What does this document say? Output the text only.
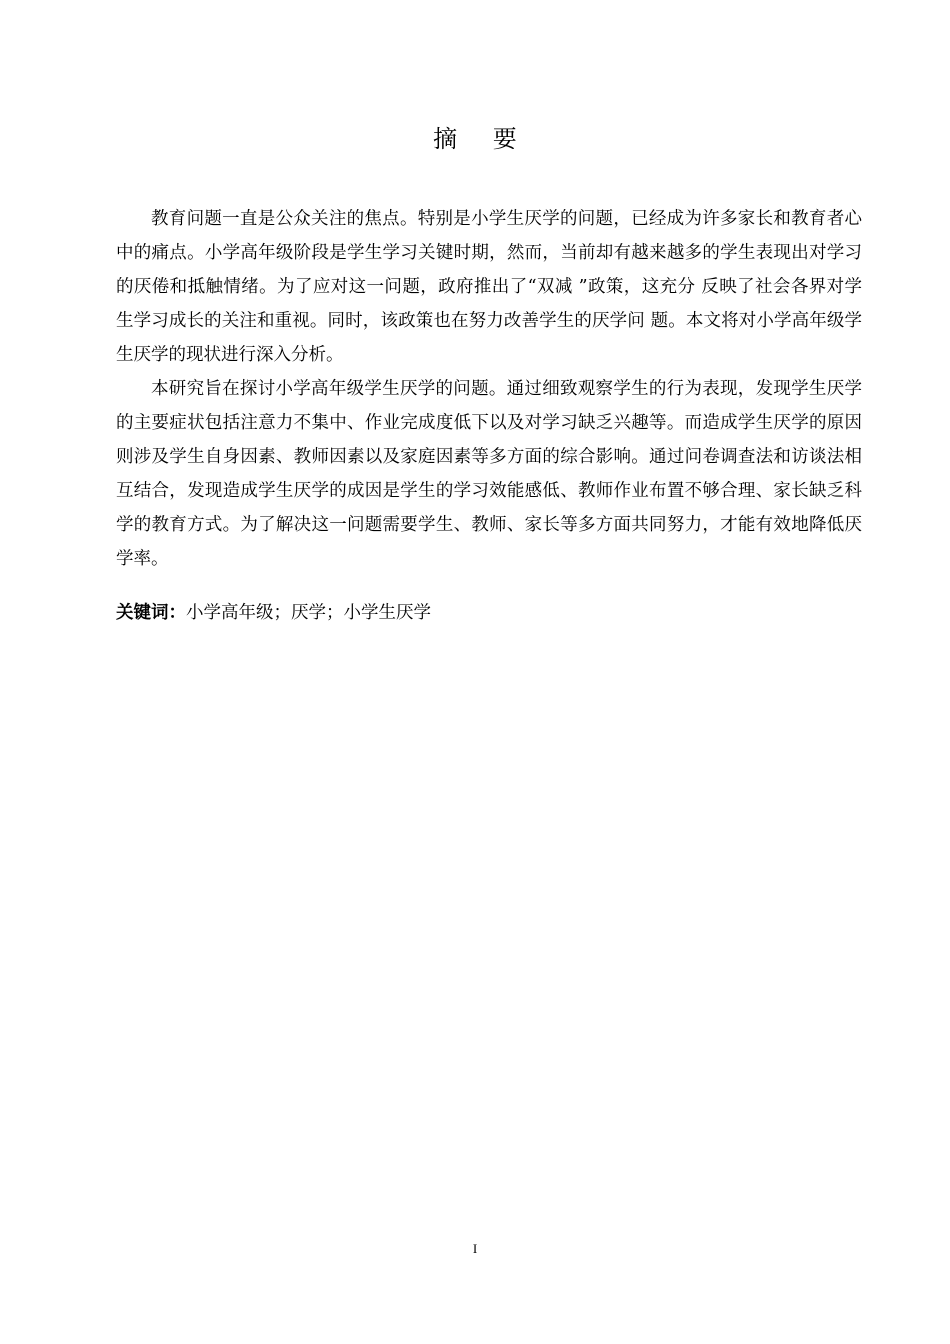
摘 要

教育问题一直是公众关注的焦点。特别是小学生厌学的问题，已经成为许多家长和教育者心中的痛点。小学高年级阶段是学生学习关键时期，然而，当前却有越来越多的学生表现出对学习的厌倦和抵触情绪。为了应对这一问题，政府推出了“双减 ”政策，这充分 反映了社会各界对学生学习成长的关注和重视。同时，该政策也在努力改善学生的厌学问 题。本文将对小学高年级学生厌学的现状进行深入分析。

本研究旨在探讨小学高年级学生厌学的问题。通过细致观察学生的行为表现，发现学生厌学的主要症状包括注意力不集中、作业完成度低下以及对学习缺乏兴趣等。而造成学生厌学的原因则涉及学生自身因素、教师因素以及家庭因素等多方面的综合影响。通过问卷调查法和访谈法相互结合，发现造成学生厌学的成因是学生的学习效能感低、教师作业布置不够合理、家长缺乏科学的教育方式。为了解决这一问题需要学生、教师、家长等多方面共同努力，才能有效地降低厌学率。

关键词：小学高年级；厌学；小学生厌学
I
